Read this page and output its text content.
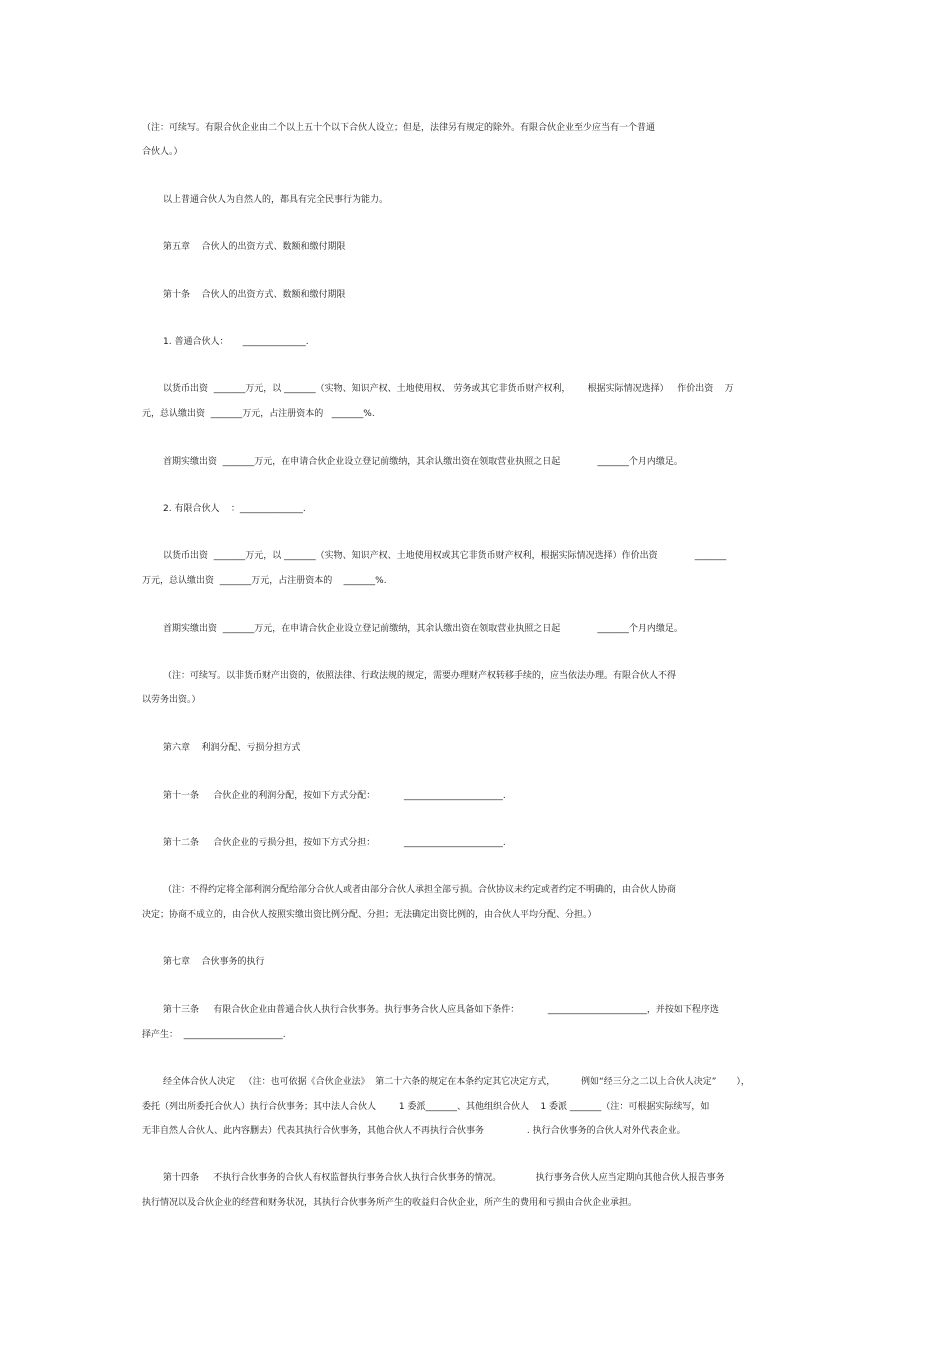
（注：可续写。有限合伙企业由二个以上五十个以下合伙人设立；但是，法律另有规定的除外。有限合伙企业至少应当有一个普通
合伙人。）
以上普通合伙人为自然人的，都具有完全民事行为能力。
第五章    合伙人的出资方式、数额和缴付期限
第十条    合伙人的出资方式、数额和缴付期限
1. 普通合伙人：     ______________.
以货币出资  _______万元，以 _______（实物、知识产权、土地使用权、 劳务或其它非货币财产权利，      根据实际情况选择）   作价出资    万
元，总认缴出资  _______万元，占注册资本的   _______%.
首期实缴出资  _______万元，在申请合伙企业设立登记前缴纳，其余认缴出资在领取营业执照之日起             _______个月内缴足。
2. 有限合伙人    ：______________.
以货币出资  _______万元，以 _______（实物、知识产权、土地使用权或其它非货币财产权利，根据实际情况选择）作价出资             _______
万元，总认缴出资  _______万元，占注册资本的    _______%.
首期实缴出资  _______万元，在申请合伙企业设立登记前缴纳，其余认缴出资在领取营业执照之日起             _______个月内缴足。
（注：可续写。以非货币财产出资的，依照法律、行政法规的规定，需要办理财产权转移手续的，应当依法办理。有限合伙人不得
以劳务出资。）
第六章    利润分配、亏损分担方式
第十一条     合伙企业的利润分配，按如下方式分配：          ______________________.
第十二条     合伙企业的亏损分担，按如下方式分担：          ______________________.
（注：不得约定将全部利润分配给部分合伙人或者由部分合伙人承担全部亏损。合伙协议未约定或者约定不明确的，由合伙人协商
决定；协商不成立的，由合伙人按照实缴出资比例分配、分担；无法确定出资比例的，由合伙人平均分配、分担。）
第七章    合伙事务的执行
第十三条     有限合伙企业由普通合伙人执行合伙事务。执行事务合伙人应具备如下条件：          ______________________，并按如下程序选
择产生：  ______________________.
经全体合伙人决定   （注：也可依据《合伙企业法》  第二十六条的规定在本条约定其它决定方式，         例如“经三分之二以上合伙人决定”       ），
委托（列出所委托合伙人）执行合伙事务；其中法人合伙人        1 委派_______、其他组织合伙人    1 委派 _______（注：可根据实际续写，如
无非自然人合伙人、此内容删去）代表其执行合伙事务，其他合伙人不再执行合伙事务               . 执行合伙事务的合伙人对外代表企业。
第十四条     不执行合伙事务的合伙人有权监督执行事务合伙人执行合伙事务的情况。            执行事务合伙人应当定期向其他合伙人报告事务
执行情况以及合伙企业的经营和财务状况，其执行合伙事务所产生的收益归合伙企业，所产生的费用和亏损由合伙企业承担。
